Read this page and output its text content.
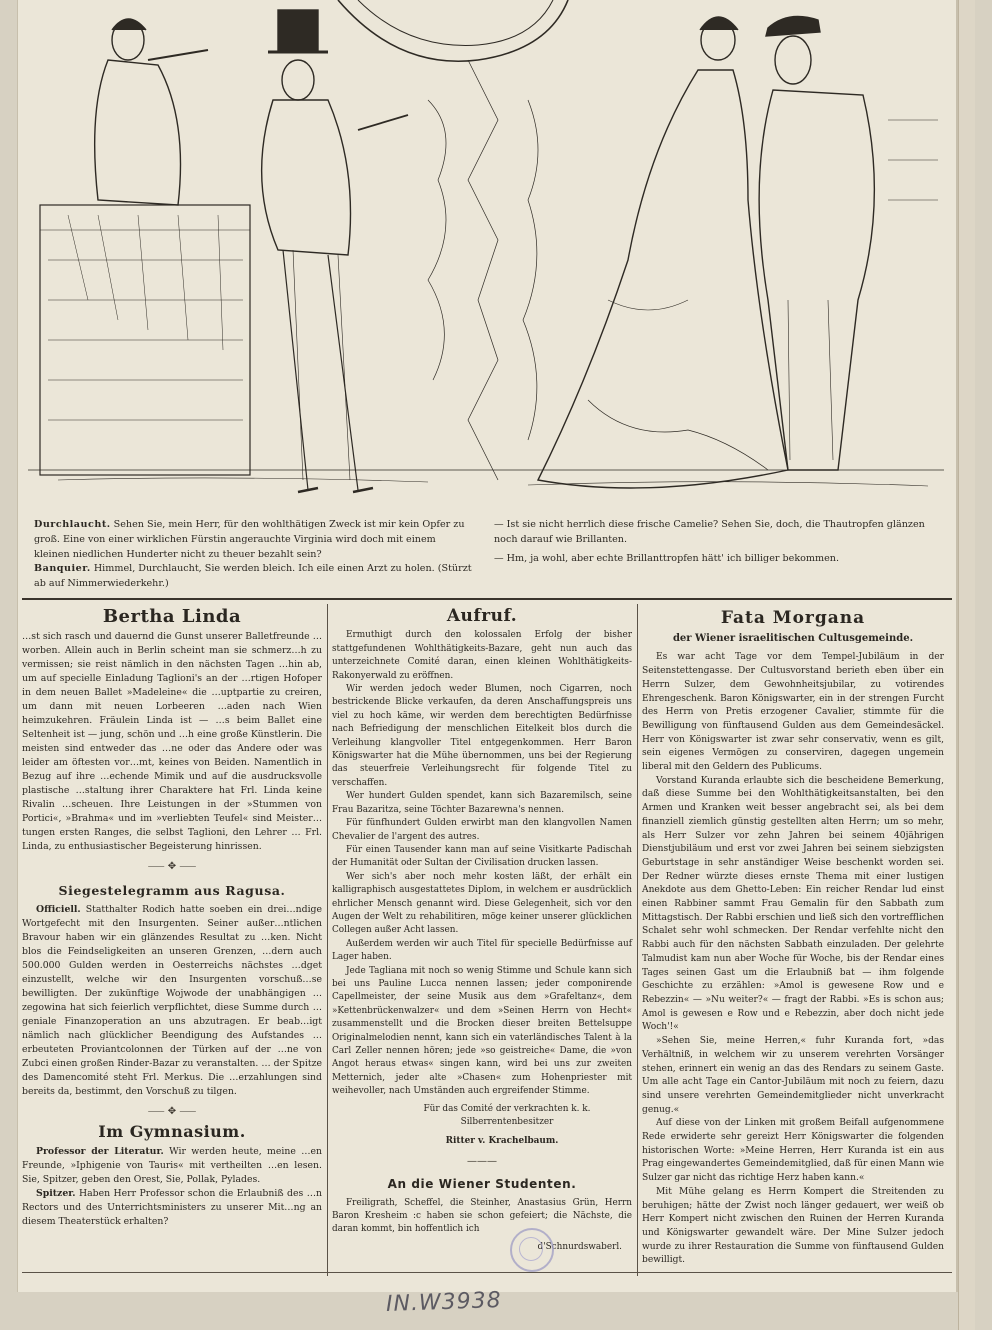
Durchlaucht. Sehen Sie, mein Herr, für den wohlthätigen Zweck ist mir kein Opfer zu groß. Eine von einer wirklichen Fürstin angerauchte Virginia wird doch mit einem kleinen niedlichen Hunderter nicht zu theuer bezahlt sein?

Banquier. Himmel, Durchlaucht, Sie werden bleich. Ich eile einen Arzt zu holen. (Stürzt ab auf Nimmerwiederkehr.)

— Ist sie nicht herrlich diese frische Camelie? Sehen Sie, doch, die Thautropfen glänzen noch darauf wie Brillanten.

— Hm, ja wohl, aber echte Brillanttropfen hätt' ich billiger bekommen.

Bertha Linda

…st sich rasch und dauernd die Gunst unserer Balletfreunde …worben. Allein auch in Berlin scheint man sie schmerz…h zu vermissen; sie reist nämlich in den nächsten Tagen …hin ab, um auf specielle Einladung Taglioni's an der …rtigen Hofoper in dem neuen Ballet »Madeleine« die …uptpartie zu creiren, um dann mit neuen Lorbeeren …aden nach Wien heimzukehren. Fräulein Linda ist — …s beim Ballet eine Seltenheit ist — jung, schön und …h eine große Künstlerin. Die meisten sind entweder das …ne oder das Andere oder was leider am öftesten vor…mt, keines von Beiden. Namentlich in Bezug auf ihre …echende Mimik und auf die ausdrucksvolle plastische …staltung ihrer Charaktere hat Frl. Linda keine Rivalin …scheuen. Ihre Leistungen in der »Stummen von Portici«, »Brahma« und im »verliebten Teufel« sind Meister…tungen ersten Ranges, die selbst Taglioni, den Lehrer … Frl. Linda, zu enthusiastischer Begeisterung hinrissen.

⸺ ✥ ⸺
Siegestelegramm aus Ragusa.

Officiell. Statthalter Rodich hatte soeben ein drei…ndige Wortgefecht mit den Insurgenten. Seiner außer…ntlichen Bravour haben wir ein glänzendes Resultat zu …ken. Nicht blos die Feindseligkeiten an unseren Grenzen, …dern auch 500.000 Gulden werden in Oesterreichs nächstes …dget einzustellt, welche wir den Insurgenten vorschuß…se bewilligten. Der zukünftige Wojwode der unabhängigen …zegowina hat sich feierlich verpflichtet, diese Summe durch … geniale Finanzoperation an uns abzutragen. Er beab…igt nämlich nach glücklicher Beendigung des Aufstandes … erbeuteten Proviantcolonnen der Türken auf der …ne von Zubci einen großen Rinder-Bazar zu veranstalten. … der Spitze des Damencomité steht Frl. Merkus. Die …erzahlungen sind bereits da, bestimmt, den Vorschuß zu tilgen.

⸺ ✥ ⸺
Im Gymnasium.

Professor der Literatur. Wir werden heute, meine …en Freunde, »Iphigenie von Tauris« mit vertheilten …en lesen. Sie, Spitzer, geben den Orest, Sie, Pollak, Pylades.

Spitzer. Haben Herr Professor schon die Erlaubniß des …n Rectors und des Unterrichtsministers zu unserer Mit…ng an diesem Theaterstück erhalten?

Aufruf.

Ermuthigt durch den kolossalen Erfolg der bisher stattgefundenen Wohlthätigkeits-Bazare, geht nun auch das unterzeichnete Comité daran, einen kleinen Wohlthätigkeits-Rakonyerwald zu eröffnen.

Wir werden jedoch weder Blumen, noch Cigarren, noch bestrickende Blicke verkaufen, da deren Anschaffungspreis uns viel zu hoch käme, wir werden dem berechtigten Bedürfnisse nach Befriedigung der menschlichen Eitelkeit blos durch die Verleihung klangvoller Titel entgegenkommen. Herr Baron Königswarter hat die Mühe übernommen, uns bei der Regierung das steuerfreie Verleihungsrecht für folgende Titel zu verschaffen.

Wer hundert Gulden spendet, kann sich Bazaremilsch, seine Frau Bazaritza, seine Töchter Bazarewna's nennen.

Für fünfhundert Gulden erwirbt man den klangvollen Namen Chevalier de l'argent des autres.

Für einen Tausender kann man auf seine Visitkarte Padischah der Humanität oder Sultan der Civilisation drucken lassen.

Wer sich's aber noch mehr kosten läßt, der erhält ein kalligraphisch ausgestattetes Diplom, in welchem er ausdrücklich ehrlicher Mensch genannt wird. Diese Gelegenheit, sich vor den Augen der Welt zu rehabilitiren, möge keiner unserer glücklichen Collegen außer Acht lassen.

Außerdem werden wir auch Titel für specielle Bedürfnisse auf Lager haben.

Jede Tagliana mit noch so wenig Stimme und Schule kann sich bei uns Pauline Lucca nennen lassen; jeder componirende Capellmeister, der seine Musik aus dem »Grafeltanz«, dem »Kettenbrückenwalzer« und dem »Seinen Herrn von Hecht« zusammenstellt und die Brocken dieser breiten Bettelsuppe Originalmelodien nennt, kann sich ein vaterländisches Talent à la Carl Zeller nennen hören; jede »so geistreiche« Dame, die »von Angot heraus etwas« singen kann, wird bei uns zur zweiten Metternich, jeder alte »Chasen« zum Hohenpriester mit weihevoller, nach Umständen auch ergreifender Stimme.

Für das Comité der verkrachten k. k. Silberrentenbesitzer
Ritter v. Krachelbaum.
———
An die Wiener Studenten.

Freiligrath, Scheffel, die Steinher, Anastasius Grün, Herrn Baron Kresheim :c haben sie schon gefeiert; die Nächste, die daran kommt, bin hoffentlich ich

d'Schnurdswaberl.
Fata Morgana
der Wiener israelitischen Cultusgemeinde.

Es war acht Tage vor dem Tempel-Jubiläum in der Seitenstettengasse. Der Cultusvorstand berieth eben über ein Herrn Sulzer, dem Gewohnheitsjubilar, zu votirendes Ehrengeschenk. Baron Königswarter, ein in der strengen Furcht des Herrn von Pretis erzogener Cavalier, stimmte für die Bewilligung von fünftausend Gulden aus dem Gemeindesäckel. Herr von Königswarter ist zwar sehr conservativ, wenn es gilt, sein eigenes Vermögen zu conserviren, dagegen ungemein liberal mit den Geldern des Publicums.

Vorstand Kuranda erlaubte sich die bescheidene Bemerkung, daß diese Summe bei den Wohlthätigkeitsanstalten, bei den Armen und Kranken weit besser angebracht sei, als bei dem finanziell ziemlich günstig gestellten alten Herrn; um so mehr, als Herr Sulzer vor zehn Jahren bei seinem 40jährigen Dienstjubiläum und erst vor zwei Jahren bei seinem siebzigsten Geburtstage in sehr anständiger Weise beschenkt worden sei. Der Redner würzte dieses ernste Thema mit einer lustigen Anekdote aus dem Ghetto-Leben: Ein reicher Rendar lud einst einen Rabbiner sammt Frau Gemalin für den Sabbath zum Mittagstisch. Der Rabbi erschien und ließ sich den vortrefflichen Schalet sehr wohl schmecken. Der Rendar verfehlte nicht den Rabbi auch für den nächsten Sabbath einzuladen. Der gelehrte Talmudist kam nun aber Woche für Woche, bis der Rendar eines Tages seinen Gast um die Erlaubniß bat — ihm folgende Geschichte zu erzählen: »Amol is gewesene Row und e Rebezzin« — »Nu weiter?« — fragt der Rabbi. »Es is schon aus; Amol is gewesen e Row und e Rebezzin, aber doch nicht jede Woch'!«

»Sehen Sie, meine Herren,« fuhr Kuranda fort, »das Verhältniß, in welchem wir zu unserem verehrten Vorsänger stehen, erinnert ein wenig an das des Rendars zu seinem Gaste. Um alle acht Tage ein Cantor-Jubiläum mit noch zu feiern, dazu sind unsere verehrten Gemeindemitglieder nicht unverkracht genug.«

Auf diese von der Linken mit großem Beifall aufgenommene Rede erwiderte sehr gereizt Herr Königswarter die folgenden historischen Worte: »Meine Herren, Herr Kuranda ist ein aus Prag eingewandertes Gemeindemitglied, daß für einen Mann wie Sulzer gar nicht das richtige Herz haben kann.«

Mit Mühe gelang es Herrn Kompert die Streitenden zu beruhigen; hätte der Zwist noch länger gedauert, wer weiß ob Herr Kompert nicht zwischen den Ruinen der Herren Kuranda und Königswarter gewandelt wäre. Der Mine Sulzer jedoch wurde zu ihrer Restauration die Summe von fünftausend Gulden bewilligt.

IN.W3938
